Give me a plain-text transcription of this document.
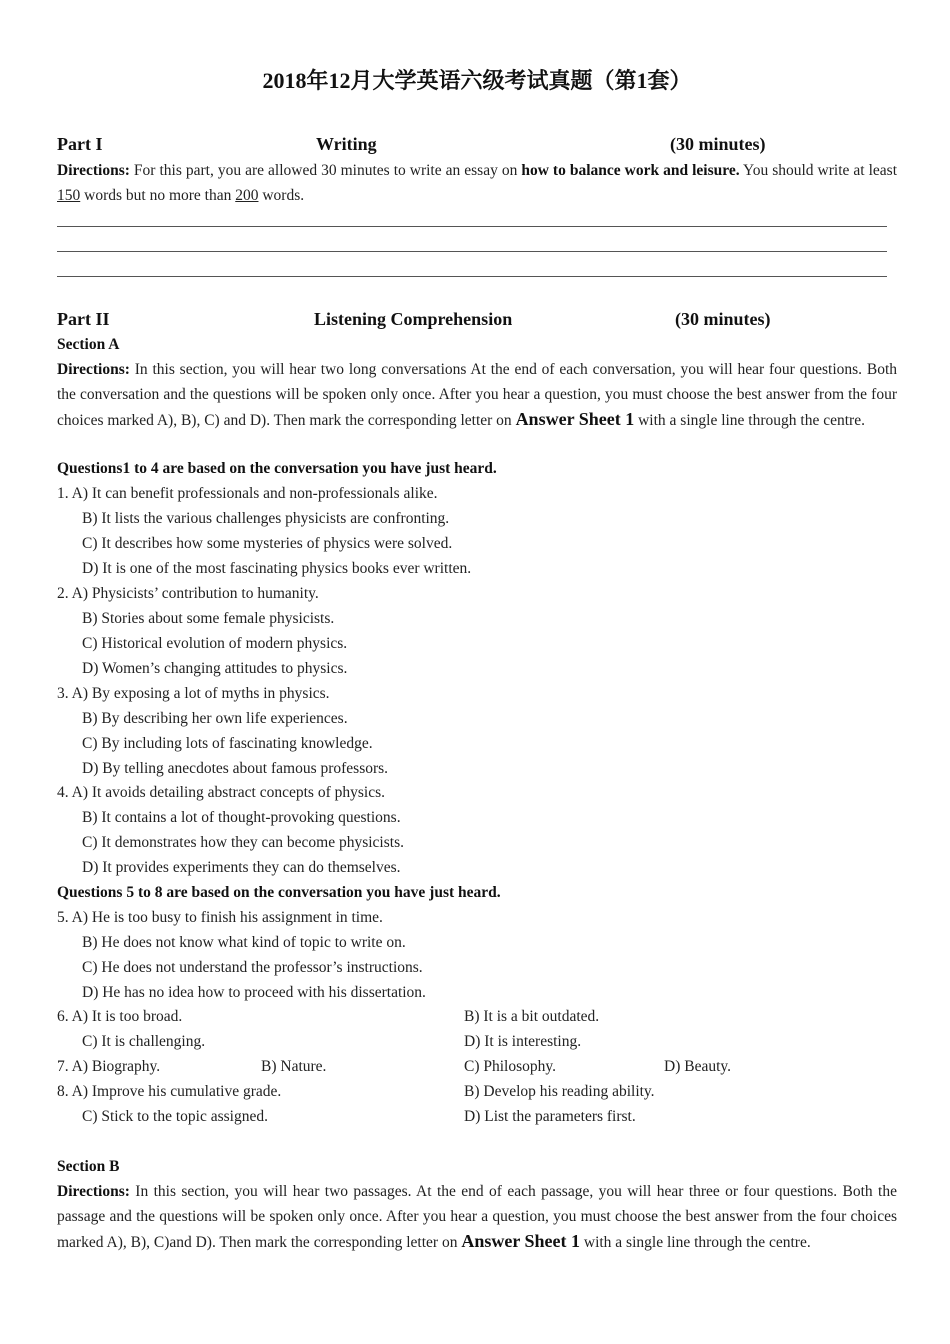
2018年12月大学英语六级考试真题（第1套）
Part I	Writing	(30 minutes)
Directions: For this part, you are allowed 30 minutes to write an essay on how to balance work and leisure. You should write at least 150 words but no more than 200 words.
Part II	Listening Comprehension	(30 minutes)
Section A
Directions: In this section, you will hear two long conversations At the end of each conversation, you will hear four questions. Both the conversation and the questions will be spoken only once. After you hear a question, you must choose the best answer from the four choices marked A), B), C) and D). Then mark the corresponding letter on Answer Sheet 1 with a single line through the centre.
Questions1 to 4 are based on the conversation you have just heard.
1. A) It can benefit professionals and non-professionals alike.
B) It lists the various challenges physicists are confronting.
C) It describes how some mysteries of physics were solved.
D) It is one of the most fascinating physics books ever written.
2. A) Physicists’ contribution to humanity.
B) Stories about some female physicists.
C) Historical evolution of modern physics.
D) Women’s changing attitudes to physics.
3. A) By exposing a lot of myths in physics.
B) By describing her own life experiences.
C) By including lots of fascinating knowledge.
D) By telling anecdotes about famous professors.
4. A) It avoids detailing abstract concepts of physics.
B) It contains a lot of thought-provoking questions.
C) It demonstrates how they can become physicists.
D) It provides experiments they can do themselves.
Questions 5 to 8 are based on the conversation you have just heard.
5. A) He is too busy to finish his assignment in time.
B) He does not know what kind of topic to write on.
C) He does not understand the professor’s instructions.
D) He has no idea how to proceed with his dissertation.
6. A) It is too broad.	B) It is a bit outdated.
C) It is challenging.	D) It is interesting.
7. A) Biography.	B) Nature.	C) Philosophy.	D) Beauty.
8. A) Improve his cumulative grade.	B) Develop his reading ability.
C) Stick to the topic assigned.	D) List the parameters first.
Section B
Directions: In this section, you will hear two passages. At the end of each passage, you will hear three or four questions. Both the passage and the questions will be spoken only once. After you hear a question, you must choose the best answer from the four choices marked A), B), C)and D). Then mark the corresponding letter on Answer Sheet 1 with a single line through the centre.
